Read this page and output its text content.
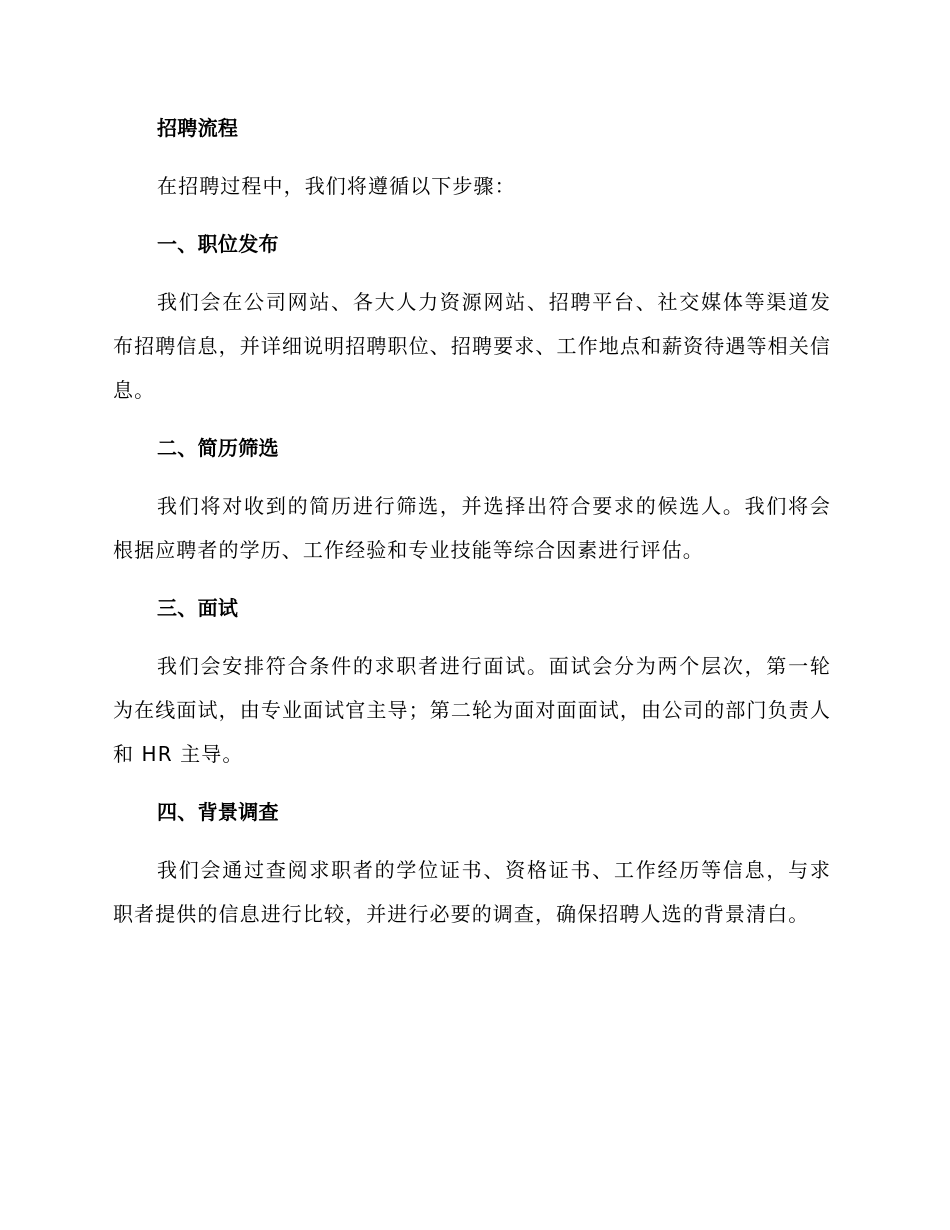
招聘流程

在招聘过程中，我们将遵循以下步骤：

一、职位发布

我们会在公司网站、各大人力资源网站、招聘平台、社交媒体等渠道发布招聘信息，并详细说明招聘职位、招聘要求、工作地点和薪资待遇等相关信息。

二、简历筛选

我们将对收到的简历进行筛选，并选择出符合要求的候选人。我们将会根据应聘者的学历、工作经验和专业技能等综合因素进行评估。

三、面试

我们会安排符合条件的求职者进行面试。面试会分为两个层次，第一轮为在线面试，由专业面试官主导；第二轮为面对面面试，由公司的部门负责人和 HR 主导。

四、背景调查

我们会通过查阅求职者的学位证书、资格证书、工作经历等信息，与求职者提供的信息进行比较，并进行必要的调查，确保招聘人选的背景清白。
